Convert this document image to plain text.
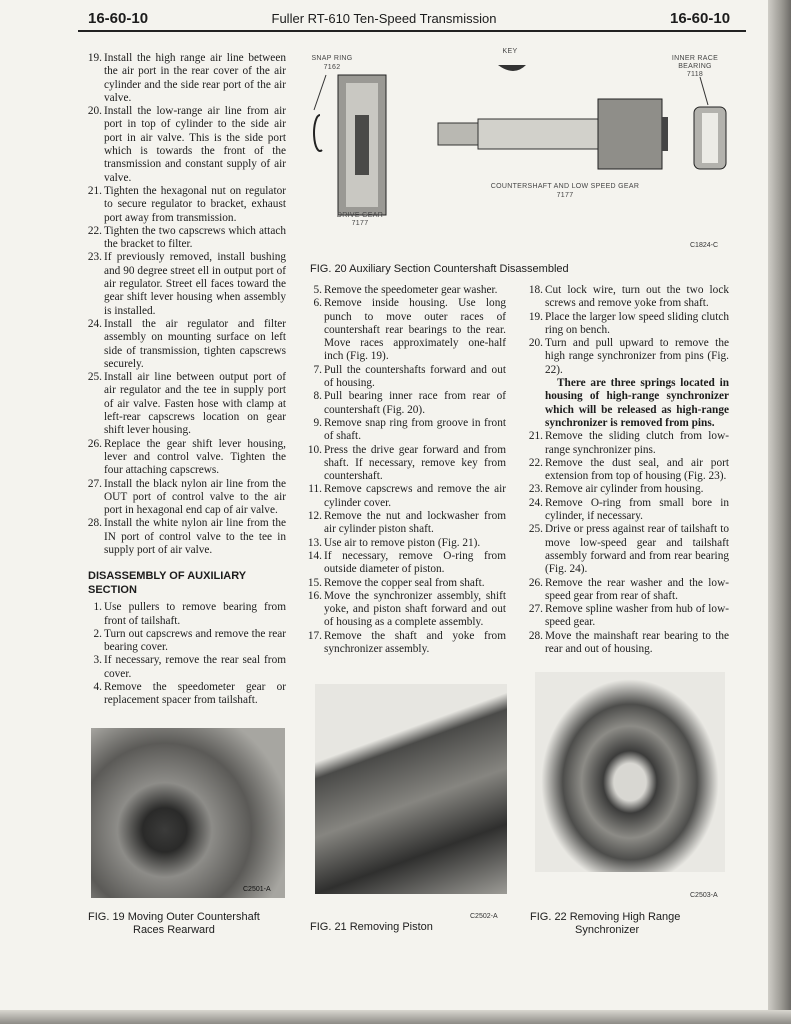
16-60-10	Fuller RT-610 Ten-Speed Transmission	16-60-10
19. Install the high range air line between the air port in the rear cover of the air cylinder and the side rear port of the air valve.
20. Install the low-range air line from air port in top of cylinder to the side air port in air valve. This is the side port which is towards the front of the transmission and constant supply of air valve.
21. Tighten the hexagonal nut on regulator to secure regulator to bracket, exhaust port away from transmission.
22. Tighten the two capscrews which attach the bracket to filter.
23. If previously removed, install bushing and 90 degree street ell in output port of air regulator. Street ell faces toward the gear shift lever housing when assembly is installed.
24. Install the air regulator and filter assembly on mounting surface on left side of transmission, tighten capscrews securely.
25. Install air line between output port of air regulator and the tee in supply port of air valve. Fasten hose with clamp at left-rear capscrews location on gear shift lever housing.
26. Replace the gear shift lever housing, lever and control valve. Tighten the four attaching capscrews.
27. Install the black nylon air line from the OUT port of control valve to the air port in hexagonal end cap of air valve.
28. Install the white nylon air line from the IN port of control valve to the tee in supply port of air valve.
DISASSEMBLY OF AUXILIARY SECTION
1. Use pullers to remove bearing from front of tailshaft.
2. Turn out capscrews and remove the rear bearing cover.
3. If necessary, remove the rear seal from cover.
4. Remove the speedometer gear or replacement spacer from tailshaft.
SNAP RING
7162
KEY
INNER RACE
BEARING
7118
COUNTERSHAFT AND LOW SPEED GEAR
7177
DRIVE GEAR
7177
C1824-C
FIG. 20 Auxiliary Section Countershaft Disassembled
5. Remove the speedometer gear washer.
6. Remove inside housing. Use long punch to move outer races of countershaft rear bearings to the rear. Move races approximately one-half inch (Fig. 19).
7. Pull the countershafts forward and out of housing.
8. Pull bearing inner race from rear of countershaft (Fig. 20).
9. Remove snap ring from groove in front of shaft.
10. Press the drive gear forward and from shaft. If necessary, remove key from countershaft.
11. Remove capscrews and remove the air cylinder cover.
12. Remove the nut and lockwasher from air cylinder piston shaft.
13. Use air to remove piston (Fig. 21).
14. If necessary, remove O-ring from outside diameter of piston.
15. Remove the copper seal from shaft.
16. Move the synchronizer assembly, shift yoke, and piston shaft forward and out of housing as a complete assembly.
17. Remove the shaft and yoke from synchronizer assembly.
18. Cut lock wire, turn out the two lock screws and remove yoke from shaft.
19. Place the larger low speed sliding clutch ring on bench.
20. Turn and pull upward to remove the high range synchronizer from pins (Fig. 22).
There are three springs located in housing of high-range synchronizer which will be released as high-range synchronizer is removed from pins.
21. Remove the sliding clutch from low-range synchronizer pins.
22. Remove the dust seal, and air port extension from top of housing (Fig. 23).
23. Remove air cylinder from housing.
24. Remove O-ring from small bore in cylinder, if necessary.
25. Drive or press against rear of tailshaft to move low-speed gear and tailshaft assembly forward and from rear bearing (Fig. 24).
26. Remove the rear washer and the low-speed gear from rear of shaft.
27. Remove spline washer from hub of low-speed gear.
28. Move the mainshaft rear bearing to the rear and out of housing.
C2501-A
FIG. 19 Moving Outer Countershaft
Races Rearward
C2502-A
FIG. 21 Removing Piston
C2503-A
FIG. 22 Removing High Range
Synchronizer
